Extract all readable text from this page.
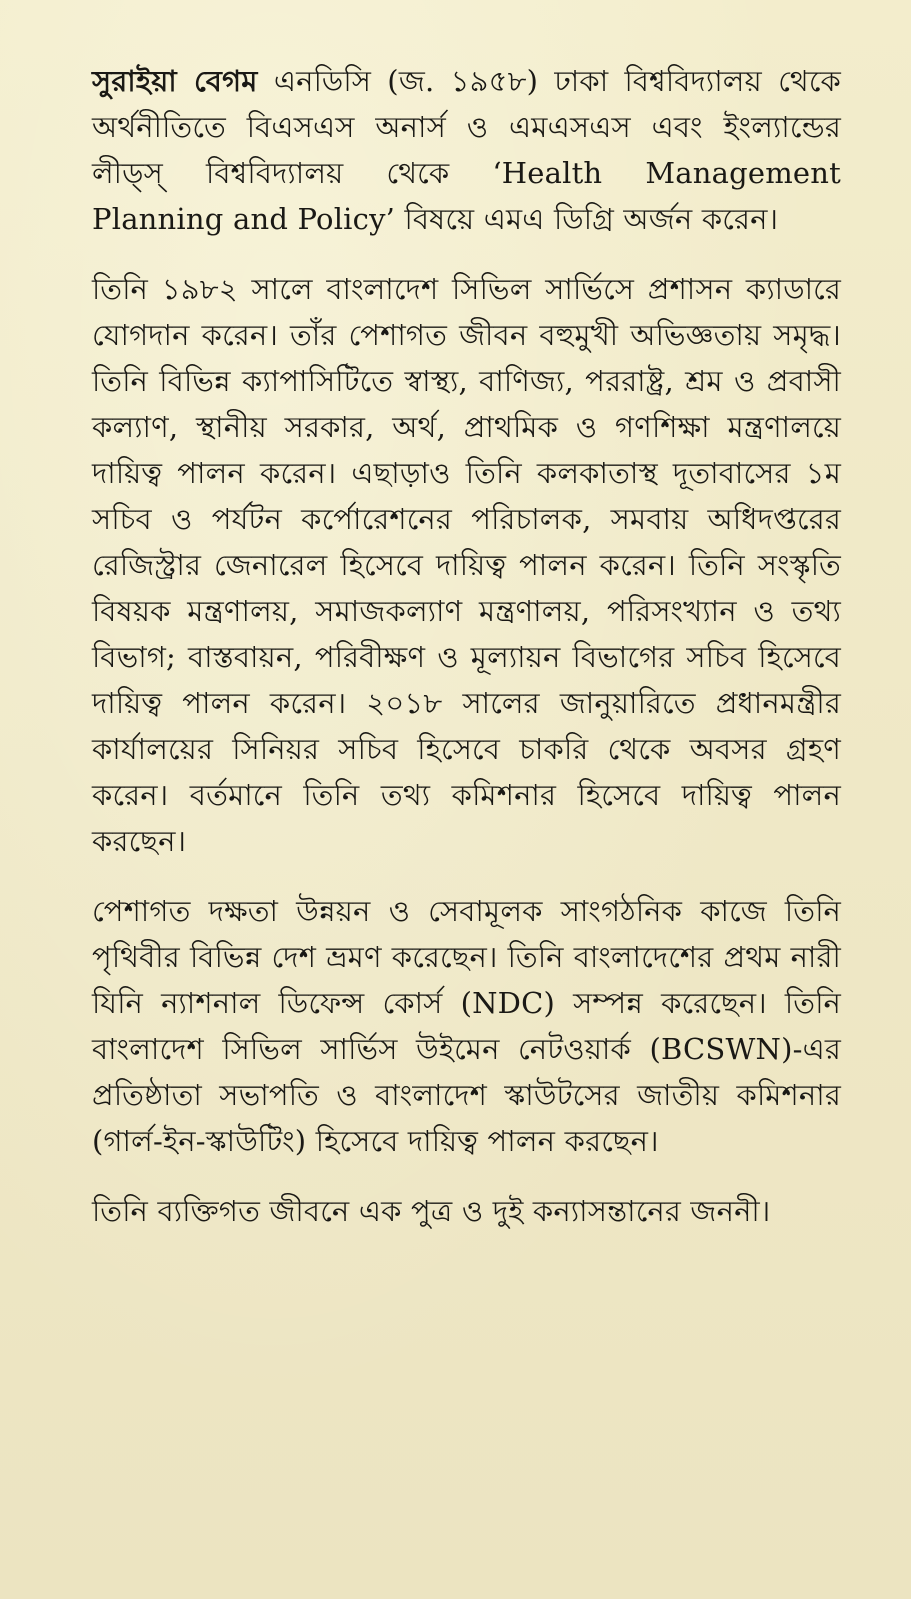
সুরাইয়া বেগম এনডিসি (জ. ১৯৫৮) ঢাকা বিশ্ববিদ্যালয় থেকে অর্থনীতিতে বিএসএস অনার্স ও এমএসএস এবং ইংল্যান্ডের লীড্‌স্‌ বিশ্ববিদ্যালয় থেকে ‘Health Management Planning and Policy’ বিষয়ে এমএ ডিগ্রি অর্জন করেন।

তিনি ১৯৮২ সালে বাংলাদেশ সিভিল সার্ভিসে প্রশাসন ক্যাডারে যোগদান করেন। তাঁর পেশাগত জীবন বহুমুখী অভিজ্ঞতায় সমৃদ্ধ। তিনি বিভিন্ন ক্যাপাসিটিতে স্বাস্থ্য, বাণিজ্য, পররাষ্ট্র, শ্রম ও প্রবাসী কল্যাণ, স্থানীয় সরকার, অর্থ, প্রাথমিক ও গণশিক্ষা মন্ত্রণালয়ে দায়িত্ব পালন করেন। এছাড়াও তিনি কলকাতাস্থ দূতাবাসের ১ম সচিব ও পর্যটন কর্পোরেশনের পরিচালক, সমবায় অধিদপ্তরের রেজিস্ট্রার জেনারেল হিসেবে দায়িত্ব পালন করেন। তিনি সংস্কৃতি বিষয়ক মন্ত্রণালয়, সমাজকল্যাণ মন্ত্রণালয়, পরিসংখ্যান ও তথ্য বিভাগ; বাস্তবায়ন, পরিবীক্ষণ ও মূল্যায়ন বিভাগের সচিব হিসেবে দায়িত্ব পালন করেন। ২০১৮ সালের জানুয়ারিতে প্রধানমন্ত্রীর কার্যালয়ের সিনিয়র সচিব হিসেবে চাকরি থেকে অবসর গ্রহণ করেন। বর্তমানে তিনি তথ্য কমিশনার হিসেবে দায়িত্ব পালন করছেন।

পেশাগত দক্ষতা উন্নয়ন ও সেবামূলক সাংগঠনিক কাজে তিনি পৃথিবীর বিভিন্ন দেশ ভ্রমণ করেছেন। তিনি বাংলাদেশের প্রথম নারী যিনি ন্যাশনাল ডিফেন্স কোর্স (NDC) সম্পন্ন করেছেন। তিনি বাংলাদেশ সিভিল সার্ভিস উইমেন নেটওয়ার্ক (BCSWN)-এর প্রতিষ্ঠাতা সভাপতি ও বাংলাদেশ স্কাউটসের জাতীয় কমিশনার (গার্ল-ইন-স্কাউটিং) হিসেবে দায়িত্ব পালন করছেন।

তিনি ব্যক্তিগত জীবনে এক পুত্র ও দুই কন্যাসন্তানের জননী।
